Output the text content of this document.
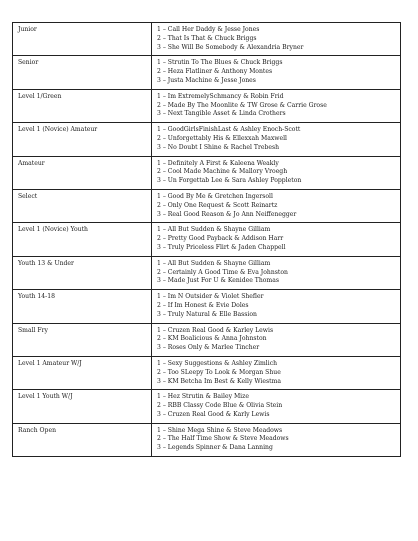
Junior	1 – Call Her Daddy & Jesse Jones
2 – That Is That & Chuck Briggs
3 – She Will Be Somebody & Alexandria Bryner

Senior	1 – Strutin To The Blues & Chuck Briggs
2 – Heza Flatliner & Anthony Montes
3 – Justa Machine & Jesse Jones

Level 1/Green	1 – Im ExtremelySchmancy & Robin Frid
2 – Made By The Moonlite & TW Grose & Carrie Grose
3 – Next Tangible Asset & Linda Crothers

Level 1 (Novice) Amateur	1 – GoodGirlsFinishLast & Ashley Enoch-Scott
2 – Unforgettably His & Ellexxah Maxwell
3 – No Doubt I Shine & Rachel Trebesh

Amateur	1 – Definitely A First & Kaleena Weakly
2 – Cool Made Machine & Mallory Vroegh
3 – Un Forgettab Lee & Sara Ashley Poppleton

Select	1 – Good By Me & Gretchen Ingersoll
2 – Only One Request & Scott Reinartz
3 – Real Good Reason & Jo Ann Neiffenegger

Level 1 (Novice) Youth	1 – All But Sudden & Shayne Gilliam
2 – Pretty Good Payback & Addison Harr
3 – Truly Priceless Flirt & Jaden Chappell

Youth 13 & Under	1 – All But Sudden & Shayne Gilliam
2 – Certainly A Good Time & Eva Johnston
3 – Made Just For U & Kenidee Thomas

Youth 14-18	1 – Im N Outsider & Violet Shefler
2 – If Im Honest & Evie Doles
3 – Truly Natural & Elle Bassion

Small Fry	1 – Cruzen Real Good & Karley Lewis
2 – KM Boalicious & Anna Johnston
3 – Roses Only & Marlee Tincher

Level 1 Amateur W/J	1 – Sexy Suggestions & Ashley Zimlich
2 – Too SLeepy To Look & Morgan Shue
3 – KM Betcha Im Best & Kelly Wiestma

Level 1 Youth W/J	1 – Hez Strutin & Bailey Mize
2 – RBB Classy Code Blue & Olivia Stein
3 – Cruzen Real Good & Karly Lewis

Ranch Open	1 – Shine Mega Shine & Steve Meadows
2 – The Half Time Show & Steve Meadows
3 – Legends Spinner & Dana Lanning
